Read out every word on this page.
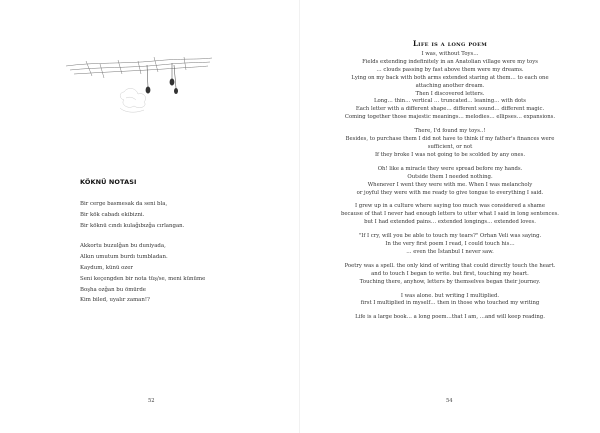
KÖKNÜ NOTASI
Bir cerge basmesak da seni bla,
Bir kök cabadı ekibizni.
Bir köknü cındı kulağıbızğa cırlangan.
Akkortu buzulğan bu duniyada,
Alkın umutum burdı tumbladan.
Kaydum, künü ozer
Seni keçengden bir nota tüş/se, meni künüme
Boşha ozğan bu ömürde
Kim biled, uyalır zaman!?
52
Life is a long poem
I was, without Toys…
Fields extending indefinitely in an Anatolian village were my toys
… clouds passing by fast above them were my dreams.
Lying on my back with both arms extended staring at them… to each one
attaching another dream.
Then I discovered letters.
Long… thin… vertical … truncated… leaning… with dots
Each letter with a different shape… different sound… different magic.
Coming together those majestic meanings… melodies… ellipses… expansions.
There, I'd found my toys..!
Besides, to purchase them I did not have to think if my father's finances were
sufficient, or not
If they broke I was not going to be scolded by any ones.
Oh! like a miracle they were spread before my hands.
Outside them I needed nothing.
Whenever I went they were with me. When I was melancholy
or joyful they were with me ready to give tongue to everything I said.
I grew up in a culture where saying too much was considered a shame
because of that I never had enough letters to utter what I said in long sentences.
but I had extended pains… extended longings… extended loves.
"If I cry, will you be able to touch my tears?" Orhan Veli was saying.
In the very first poem I read, I could touch his…
… even the İstanbul I never saw.
Poetry was a spell. the only kind of writing that could directly touch the heart.
and to touch I began to write. but first, touching my heart.
Touching there, anyhow, letters by themselves began their journey.
I was alone. but writing I multiplied.
first I multiplied in myself… then in those who touched my writing
Life is a large book… a long poem…that I am, …and will keep reading.
54
